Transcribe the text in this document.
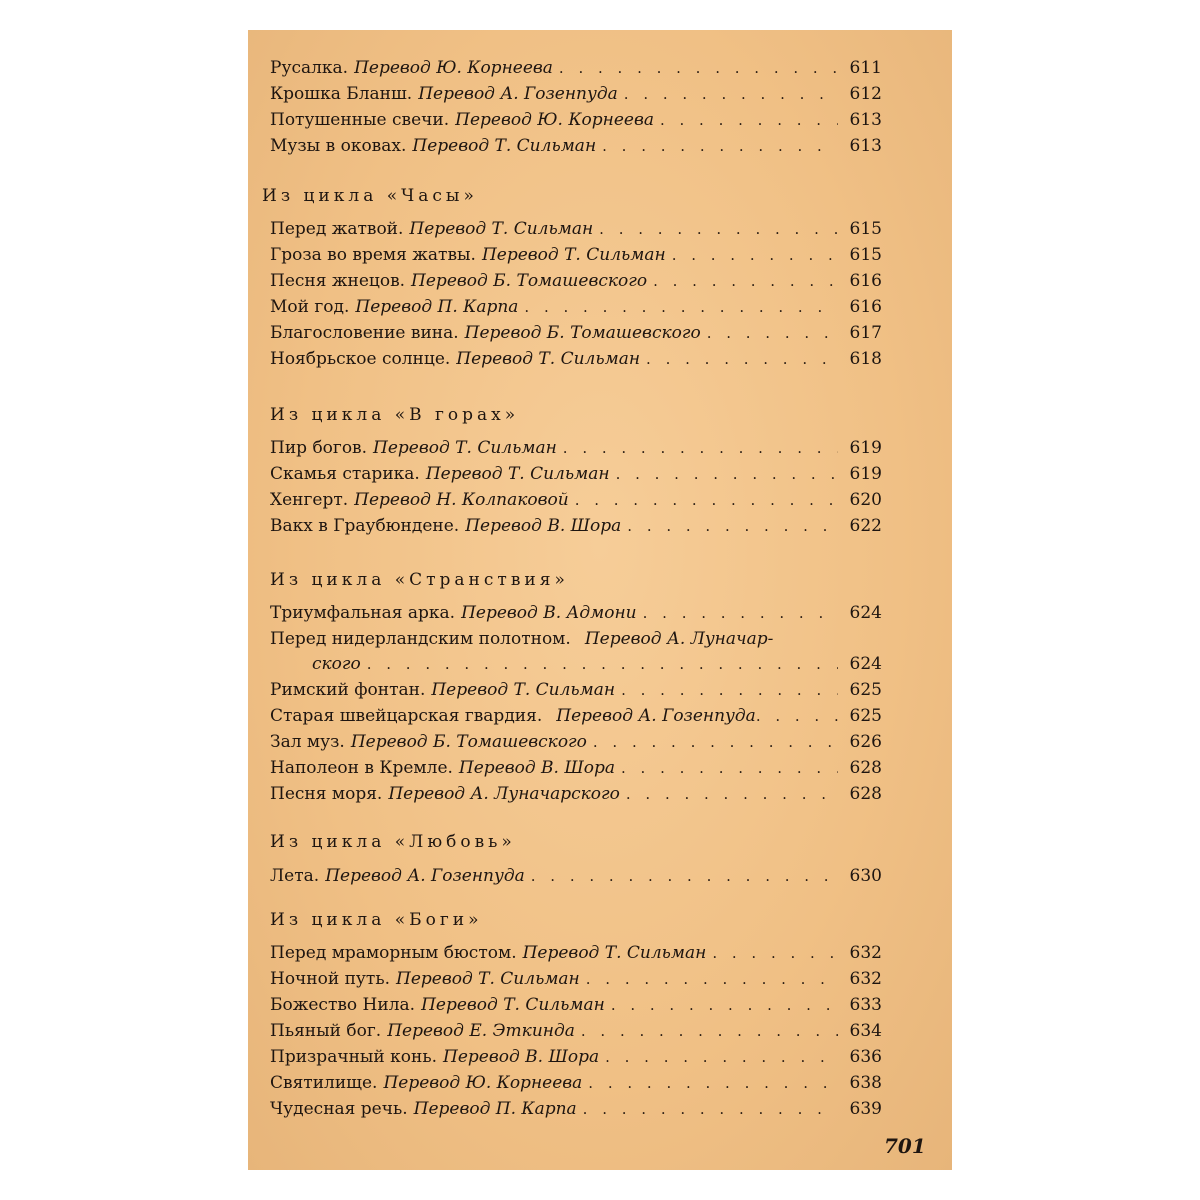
Русалка. Перевод Ю. Корнеева . . .	611
Крошка Бланш. Перевод А. Гозенпуда . . .	612
Потушенные свечи. Перевод Ю. Корнеева . . .	613
Музы в оковах. Перевод Т. Сильман . . .	613
Из цикла «Часы»
Перед жатвой. Перевод Т. Сильман . . .	615
Гроза во время жатвы. Перевод Т. Сильман . . .	615
Песня жнецов. Перевод Б. Томашевского . . .	616
Мой год. Перевод П. Карпа . . .	616
Благословение вина. Перевод Б. Томашевского . . .	617
Ноябрьское солнце. Перевод Т. Сильман . . .	618
Из цикла «В горах»
Пир богов. Перевод Т. Сильман . . .	619
Скамья старика. Перевод Т. Сильман . . .	619
Хенгерт. Перевод Н. Колпаковой . . .	620
Вакх в Граубюндене. Перевод В. Шора . . .	622
Из цикла «Странствия»
Триумфальная арка. Перевод В. Адмони . . .	624
Перед нидерландским полотном. Перевод А. Луначар-
ского . . .	624
Римский фонтан. Перевод Т. Сильман . . .	625
Старая швейцарская гвардия. Перевод А. Гозенпуда . . .	625
Зал муз. Перевод Б. Томашевского . . .	626
Наполеон в Кремле. Перевод В. Шора . . .	628
Песня моря. Перевод А. Луначарского . . .	628
Из цикла «Любовь»
Лета. Перевод А. Гозенпуда . . .	630
Из цикла «Боги»
Перед мраморным бюстом. Перевод Т. Сильман . . .	632
Ночной путь. Перевод Т. Сильман . . .	632
Божество Нила. Перевод Т. Сильман . . .	633
Пьяный бог. Перевод Е. Эткинда . . .	634
Призрачный конь. Перевод В. Шора . . .	636
Святилище. Перевод Ю. Корнеева . . .	638
Чудесная речь. Перевод П. Карпа . . .	639
701
